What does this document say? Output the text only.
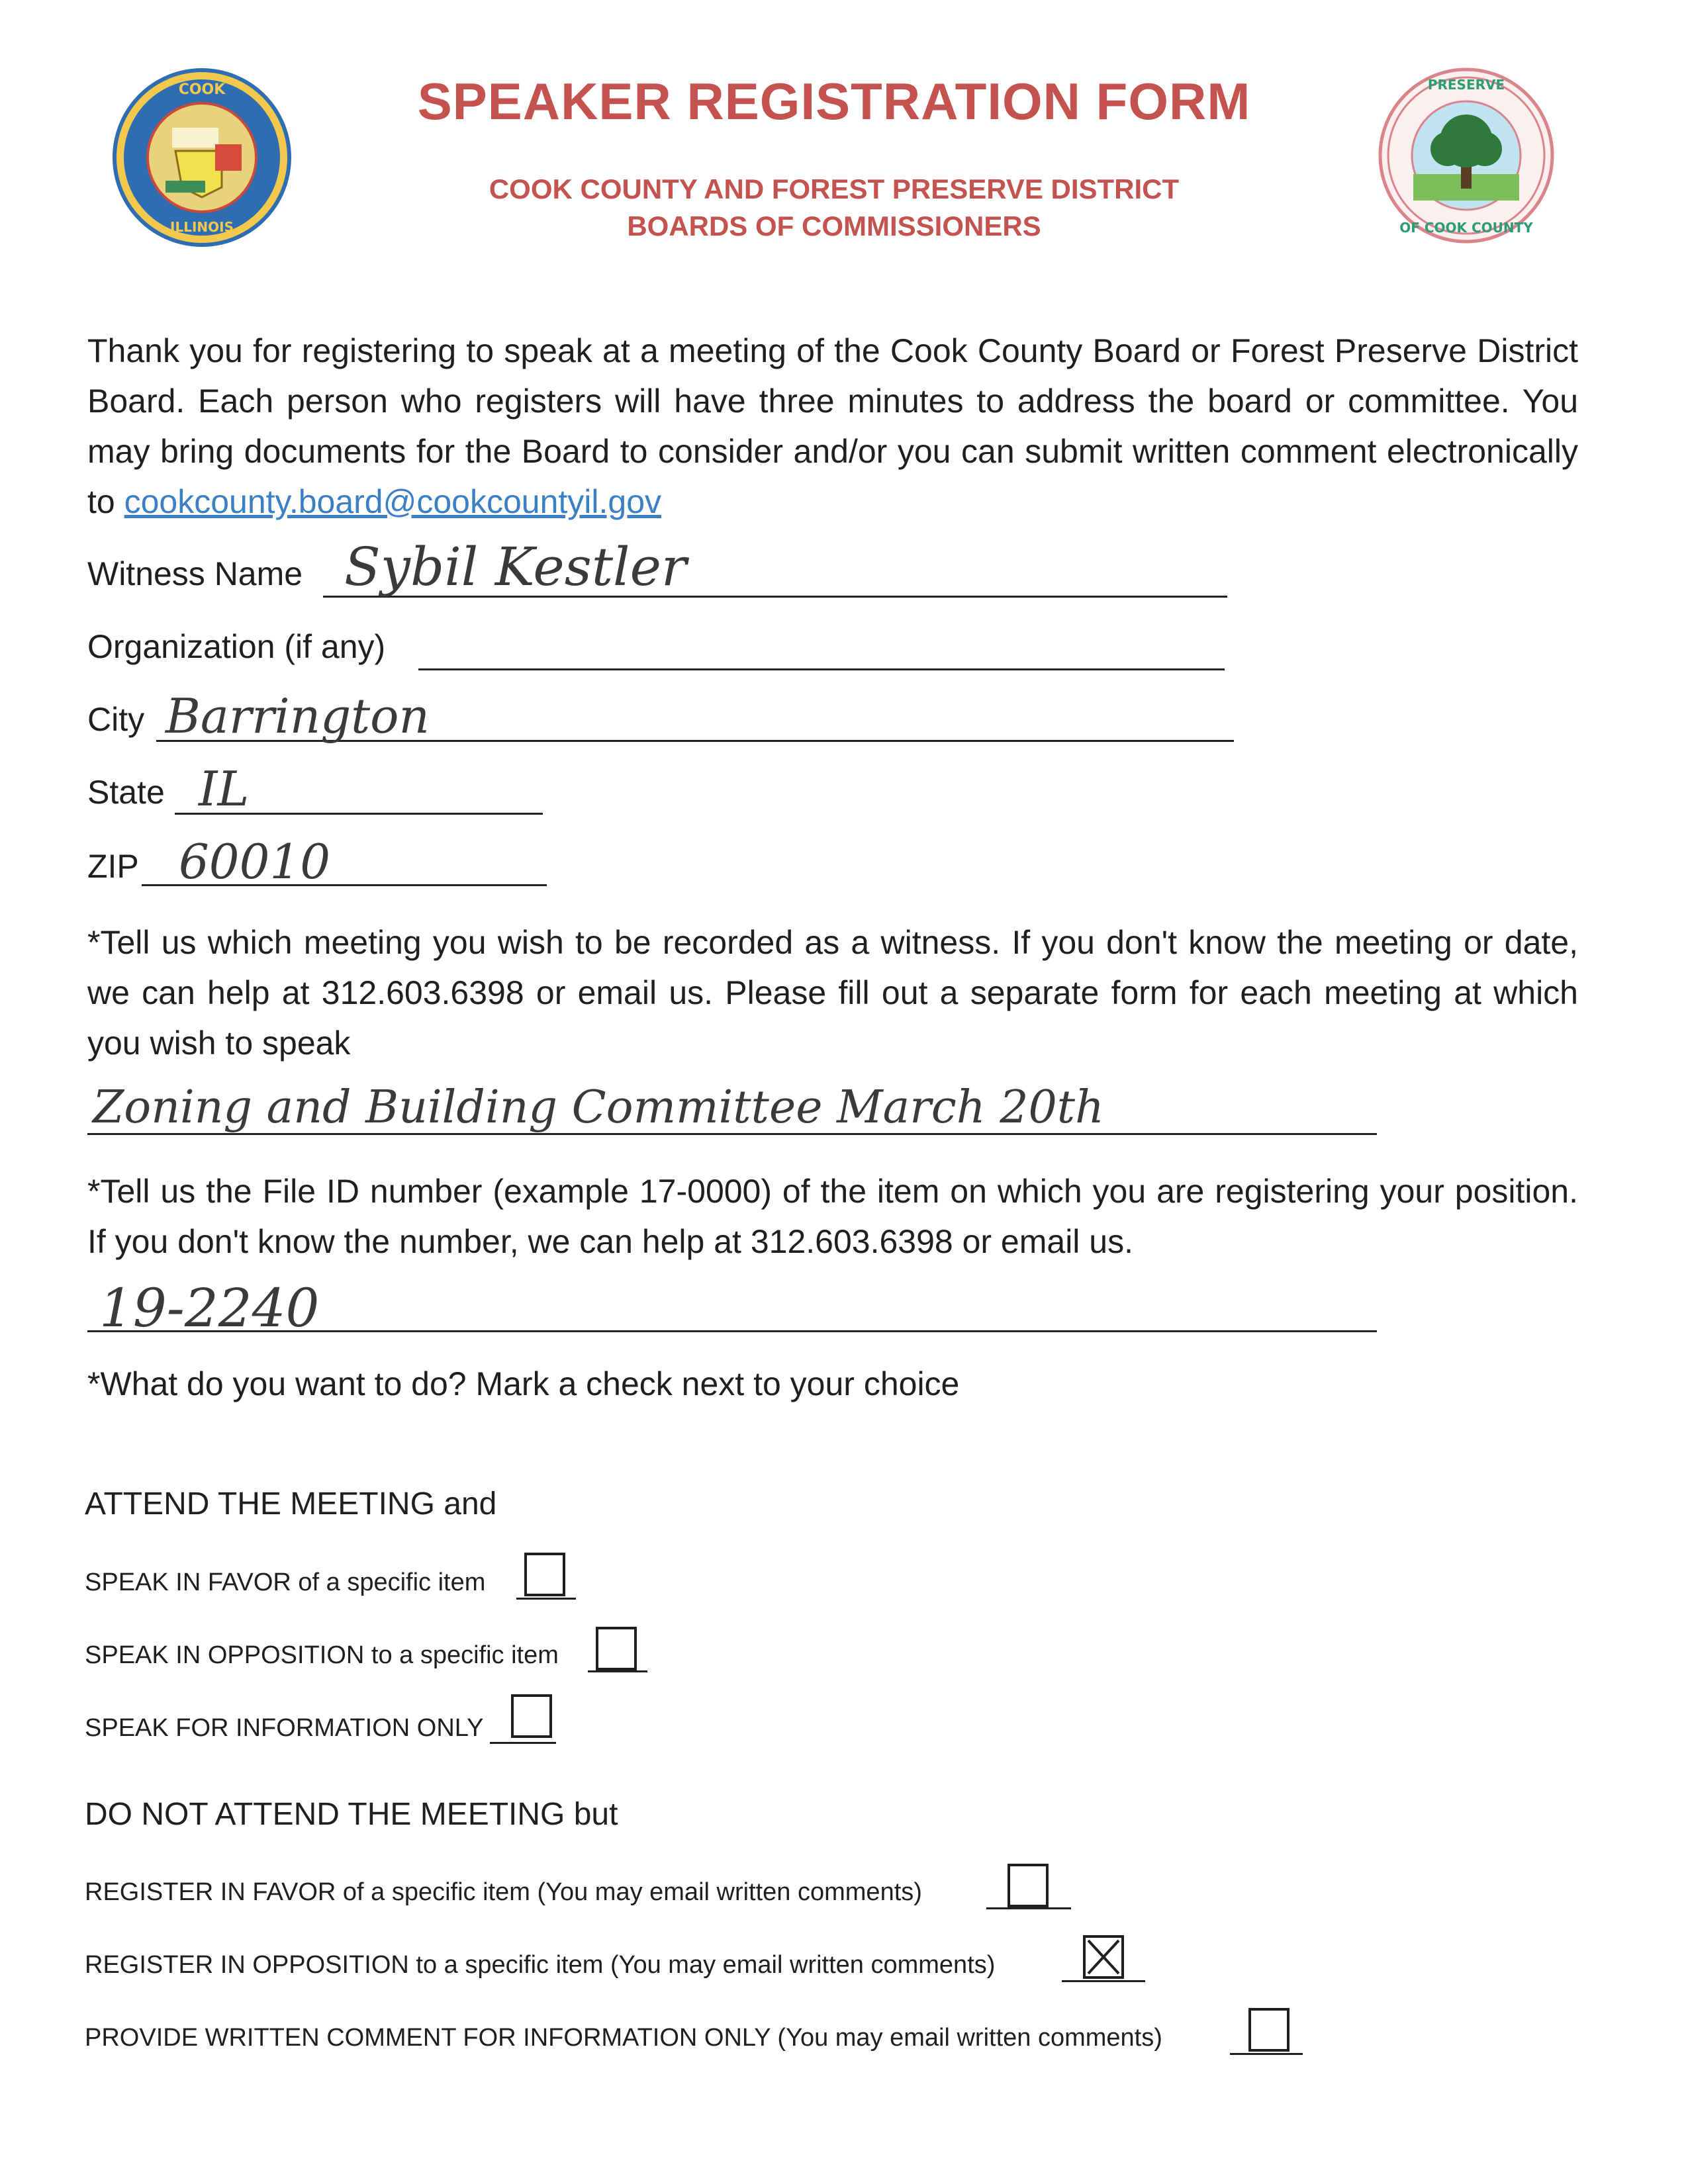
COOK
ILLINOIS
SPEAKER REGISTRATION FORM
COOK COUNTY AND FOREST PRESERVE DISTRICT
BOARDS OF COMMISSIONERS
PRESERVE
OF COOK COUNTY
Thank you for registering to speak at a meeting of the Cook County Board or Forest Preserve District Board. Each person who registers will have three minutes to address the board or committee. You may bring documents for the Board to consider and/or you can submit written comment electronically to cookcounty.board@cookcountyil.gov
Witness Name Sybil Kestler
Organization (if any)
City Barrington
State IL
ZIP 60010
*Tell us which meeting you wish to be recorded as a witness. If you don't know the meeting or date, we can help at 312.603.6398 or email us. Please fill out a separate form for each meeting at which you wish to speak
Zoning and Building Committee March 20th
*Tell us the File ID number (example 17-0000) of the item on which you are registering your position. If you don't know the number, we can help at 312.603.6398 or email us.
19-2240
*What do you want to do? Mark a check next to your choice
ATTEND THE MEETING and
SPEAK IN FAVOR of a specific item
SPEAK IN OPPOSITION to a specific item
SPEAK FOR INFORMATION ONLY
DO NOT ATTEND THE MEETING but
REGISTER IN FAVOR of a specific item (You may email written comments)
REGISTER IN OPPOSITION to a specific item (You may email written comments)
PROVIDE WRITTEN COMMENT FOR INFORMATION ONLY (You may email written comments)
